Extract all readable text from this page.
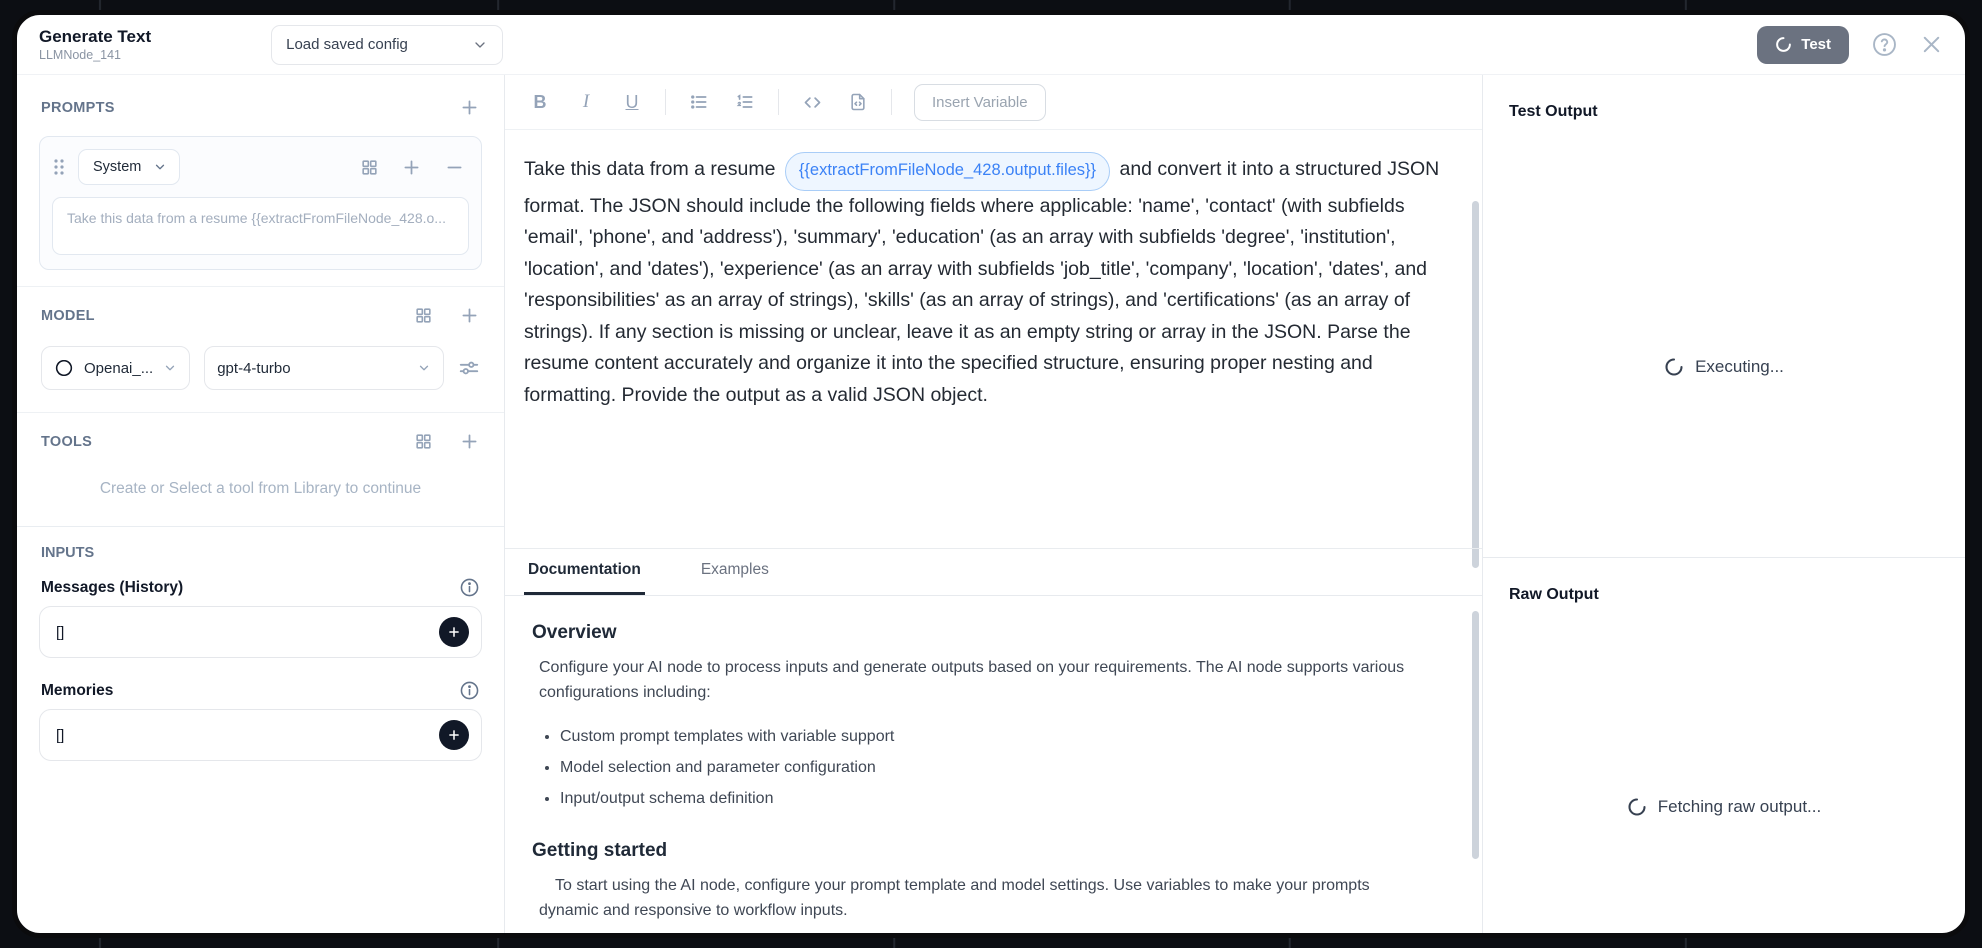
Generate Text
LLMNode_141
Load saved config	Test
PROMPTS
System
Take this data from a resume {{extractFromFileNode_428.o...
MODEL
Openai_...	gpt-4-turbo
TOOLS
Create or Select a tool from Library to continue
INPUTS
Messages (History)
[]
Memories
[]
B	I	U	Insert Variable
Take this data from a resume {{extractFromFileNode_428.output.files}} and convert it into a structured JSON format. The JSON should include the following fields where applicable: 'name', 'contact' (with subfields 'email', 'phone', and 'address'), 'summary', 'education' (as an array with subfields 'degree', 'institution', 'location', and 'dates'), 'experience' (as an array with subfields 'job_title', 'company', 'location', 'dates', and 'responsibilities' as an array of strings), 'skills' (as an array of strings), and 'certifications' (as an array of strings). If any section is missing or unclear, leave it as an empty string or array in the JSON. Parse the resume content accurately and organize it into the specified structure, ensuring proper nesting and formatting. Provide the output as a valid JSON object.
Documentation	Examples
Overview
Configure your AI node to process inputs and generate outputs based on your requirements. The AI node supports various configurations including:
• Custom prompt templates with variable support
• Model selection and parameter configuration
• Input/output schema definition
Getting started
To start using the AI node, configure your prompt template and model settings. Use variables to make your prompts dynamic and responsive to workflow inputs.
Test Output
Executing...
Raw Output
Fetching raw output...
